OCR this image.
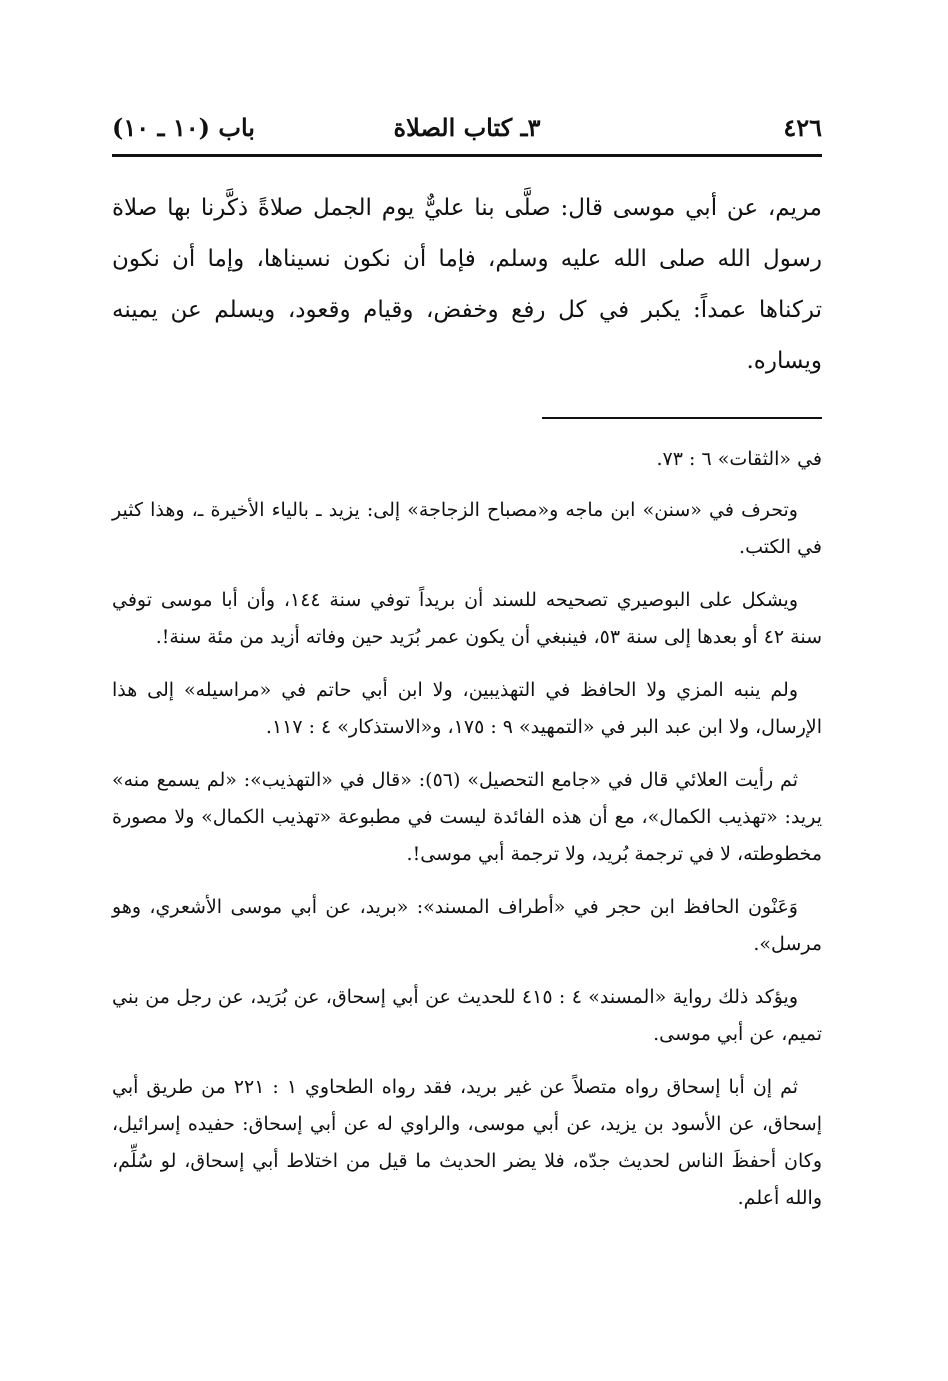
٤٢٦
٣ـ كتاب الصلاة
باب (١٠ ـ ١٠)

مريم، عن أبي موسى قال: صلَّى بنا عليٌّ يوم الجمل صلاةً ذكَّرنا بها صلاة رسول الله صلى الله عليه وسلم، فإما أن نكون نسيناها، وإما أن نكون تركناها عمداً: يكبر في كل رفع وخفض، وقيام وقعود، ويسلم عن يمينه ويساره.

في «الثقات» ٦ : ٧٣.

وتحرف في «سنن» ابن ماجه و«مصباح الزجاجة» إلى: يزيد ـ بالياء الأخيرة ـ، وهذا كثير في الكتب.

ويشكل على البوصيري تصحيحه للسند أن بريداً توفي سنة ١٤٤، وأن أبا موسى توفي سنة ٤٢ أو بعدها إلى سنة ٥٣، فينبغي أن يكون عمر بُرَيد حين وفاته أزيد من مئة سنة!.

ولم ينبه المزي ولا الحافظ في التهذيبين، ولا ابن أبي حاتم في «مراسيله» إلى هذا الإرسال، ولا ابن عبد البر في «التمهيد» ٩ : ١٧٥، و«الاستذكار» ٤ : ١١٧.

ثم رأيت العلائي قال في «جامع التحصيل» (٥٦): «قال في «التهذيب»: «لم يسمع منه» يريد: «تهذيب الكمال»، مع أن هذه الفائدة ليست في مطبوعة «تهذيب الكمال» ولا مصورة مخطوطته، لا في ترجمة بُريد، ولا ترجمة أبي موسى!.

وَعَنْون الحافظ ابن حجر في «أطراف المسند»: «بريد، عن أبي موسى الأشعري، وهو مرسل».

ويؤكد ذلك رواية «المسند» ٤ : ٤١٥ للحديث عن أبي إسحاق، عن بُرَيد، عن رجل من بني تميم، عن أبي موسى.

ثم إن أبا إسحاق رواه متصلاً عن غير بريد، فقد رواه الطحاوي ١ : ٢٢١ من طريق أبي إسحاق، عن الأسود بن يزيد، عن أبي موسى، والراوي له عن أبي إسحاق: حفيده إسرائيل، وكان أحفظَ الناس لحديث جدّه، فلا يضر الحديث ما قيل من اختلاط أبي إسحاق، لو سُلِّم، والله أعلم.
